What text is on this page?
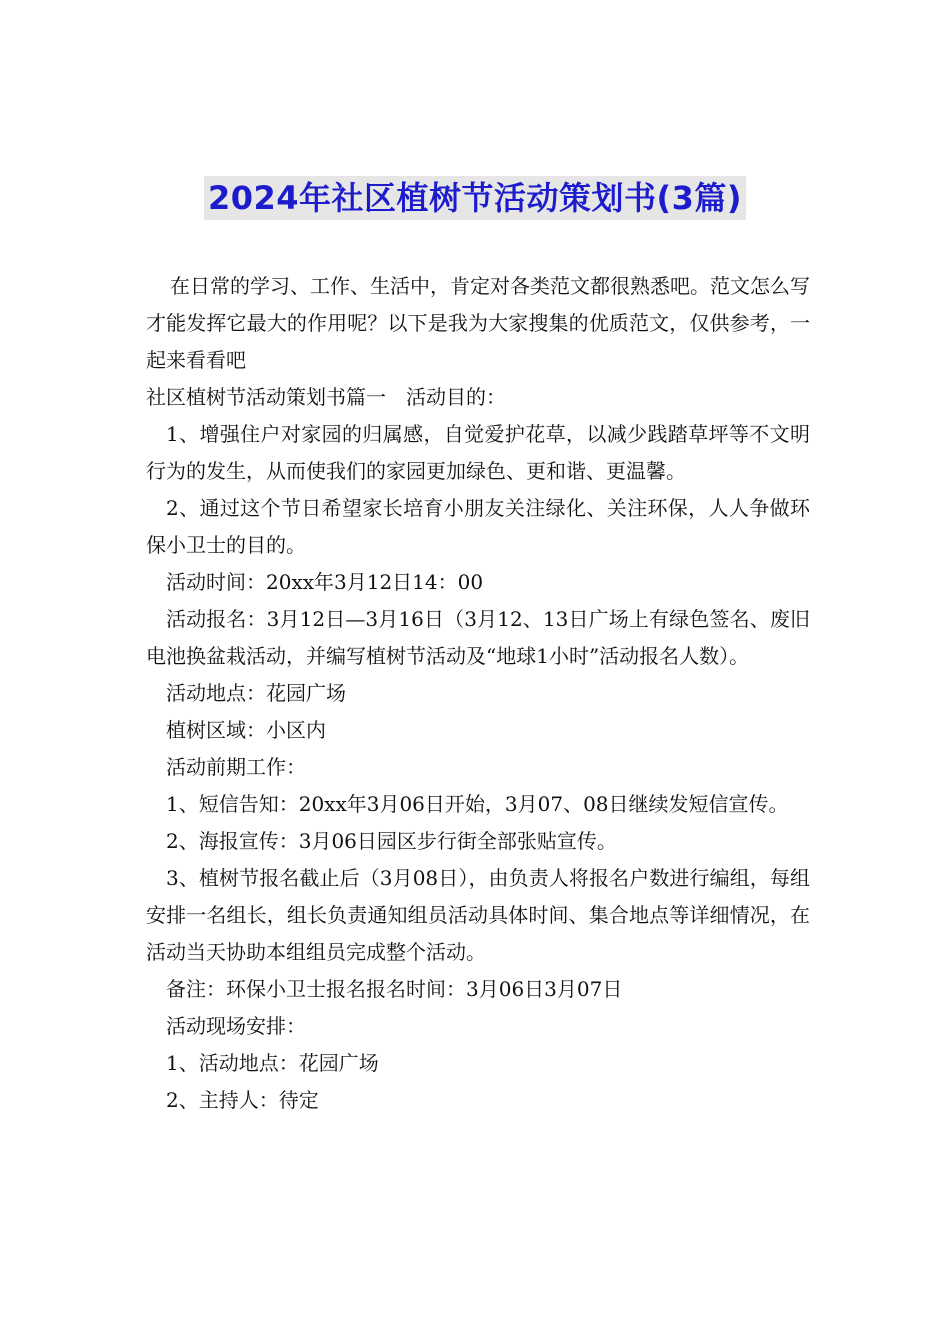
2024年社区植树节活动策划书(3篇)

在日常的学习、工作、生活中，肯定对各类范文都很熟悉吧。范文怎么写才能发挥它最大的作用呢？以下是我为大家搜集的优质范文，仅供参考，一起来看看吧

社区植树节活动策划书篇一　活动目的：

1、增强住户对家园的归属感，自觉爱护花草，以减少践踏草坪等不文明行为的发生，从而使我们的家园更加绿色、更和谐、更温馨。

2、通过这个节日希望家长培育小朋友关注绿化、关注环保，人人争做环保小卫士的目的。

活动时间：20xx年3月12日14：00

活动报名：3月12日—3月16日（3月12、13日广场上有绿色签名、废旧电池换盆栽活动，并编写植树节活动及“地球1小时”活动报名人数）。

活动地点：花园广场

植树区域：小区内

活动前期工作：

1、短信告知：20xx年3月06日开始，3月07、08日继续发短信宣传。

2、海报宣传：3月06日园区步行街全部张贴宣传。

3、植树节报名截止后（3月08日），由负责人将报名户数进行编组，每组安排一名组长，组长负责通知组员活动具体时间、集合地点等详细情况，在活动当天协助本组组员完成整个活动。

备注：环保小卫士报名报名时间：3月06日3月07日

活动现场安排：

1、活动地点：花园广场

2、主持人：待定
